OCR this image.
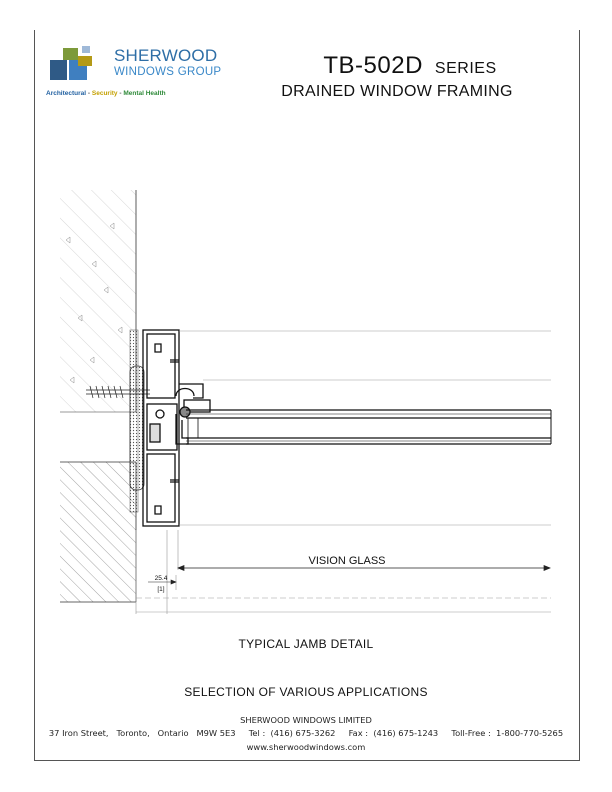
SHERWOOD
WINDOWS GROUP
Architectural - Security - Mental Health
TB-502D SERIES
DRAINED WINDOW FRAMING
VISION GLASS
25.4
[1]
TYPICAL JAMB DETAIL
SELECTION OF VARIOUS APPLICATIONS
SHERWOOD WINDOWS LIMITED
37 Iron Street,   Toronto,   Ontario   M9W 5E3 Tel :  (416) 675-3262 Fax :  (416) 675-1243 Toll-Free :  1-800-770-5265
www.sherwoodwindows.com
